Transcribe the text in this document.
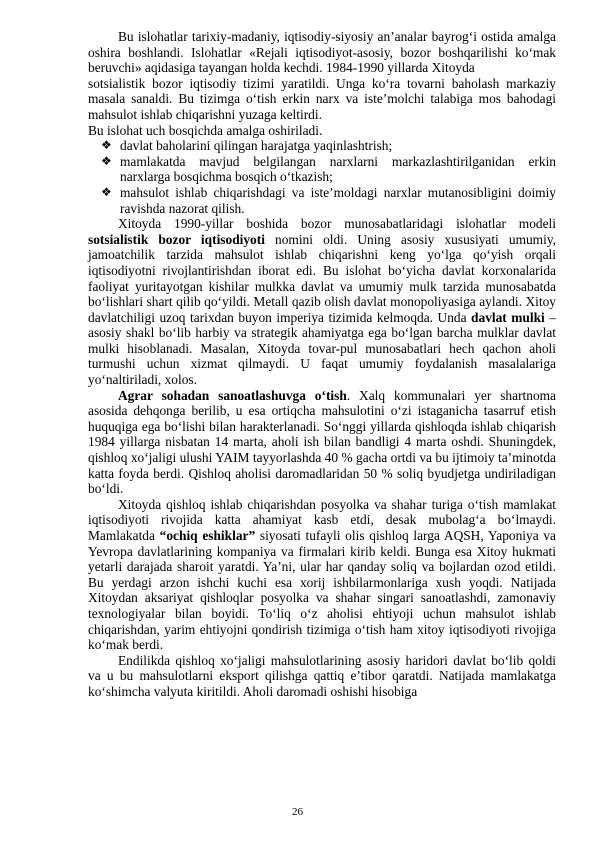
Bu islohatlar tarixiy-madaniy, iqtisodiy-siyosiy an’analar bayrog‘i ostida amalga oshira boshlandi. Islohatlar «Rejali iqtisodiyot-asosiy, bozor boshqarilishi ko‘mak beruvchi» aqidasiga tayangan holda kechdi. 1984-1990 yillarda Xitoyda

sotsialistik bozor iqtisodiy tizimi yaratildi. Unga ko‘ra tovarni baholash markaziy masala sanaldi. Bu tizimga o‘tish erkin narx va iste’molchi talabiga mos bahodagi mahsulot ishlab chiqarishni yuzaga keltirdi.

Bu islohat uch bosqichda amalga oshiriladi.

❖ davlat baholarini qilingan harajatga yaqinlashtrish;

❖ mamlakatda mavjud belgilangan narxlarni markazlashtirilganidan erkin narxlarga bosqichma bosqich o‘tkazish;

❖ mahsulot ishlab chiqarishdagi va iste’moldagi narxlar mutanosibligini doimiy ravishda nazorat qilish.

Xitoyda 1990-yillar boshida bozor munosabatlaridagi islohatlar modeli sotsialistik bozor iqtisodiyoti nomini oldi. Uning asosiy xususiyati umumiy, jamoatchilik tarzida mahsulot ishlab chiqarishni keng yo‘lga qo‘yish orqali iqtisodiyotni rivojlantirishdan iborat edi. Bu islohat bo‘yicha davlat korxonalarida faoliyat yuritayotgan kishilar mulkka davlat va umumiy mulk tarzida munosabatda bo‘lishlari shart qilib qo‘yildi. Metall qazib olish davlat monopoliyasiga aylandi. Xitoy davlatchiligi uzoq tarixdan buyon imperiya tizimida kelmoqda. Unda davlat mulki – asosiy shakl bo‘lib harbiy va strategik ahamiyatga ega bo‘lgan barcha mulklar davlat mulki hisoblanadi. Masalan, Xitoyda tovar-pul munosabatlari hech qachon aholi turmushi uchun xizmat qilmaydi. U faqat umumiy foydalanish masalalariga yo‘naltiriladi, xolos.

Agrar sohadan sanoatlashuvga o‘tish. Xalq kommunalari yer shartnoma asosida dehqonga berilib, u esa ortiqcha mahsulotini o‘zi istaganicha tasarruf etish huquqiga ega bo‘lishi bilan harakterlanadi. So‘nggi yillarda qishloqda ishlab chiqarish 1984 yillarga nisbatan 14 marta, aholi ish bilan bandligi 4 marta oshdi. Shuningdek, qishloq xo‘jaligi ulushi YAIM tayyorlashda 40 % gacha ortdi va bu ijtimoiy ta’minotda katta foyda berdi. Qishloq aholisi daromadlaridan 50 % soliq byudjetga undiriladigan bo‘ldi.

Xitoyda qishloq ishlab chiqarishdan posyolka va shahar turiga o‘tish mamlakat iqtisodiyoti rivojida katta ahamiyat kasb etdi, desak mubolag‘a bo‘lmaydi. Mamlakatda “ochiq eshiklar” siyosati tufayli olis qishloq larga AQSH, Yaponiya va Yevropa davlatlarining kompaniya va firmalari kirib keldi. Bunga esa Xitoy hukmati yetarli darajada sharoit yaratdi. Ya’ni, ular har qanday soliq va bojlardan ozod etildi. Bu yerdagi arzon ishchi kuchi esa xorij ishbilarmonlariga xush yoqdi. Natijada Xitoydan aksariyat qishloqlar posyolka va shahar singari sanoatlashdi, zamonaviy texnologiyalar bilan boyidi. To‘liq o‘z aholisi ehtiyoji uchun mahsulot ishlab chiqarishdan, yarim ehtiyojni qondirish tizimiga o‘tish ham xitoy iqtisodiyoti rivojiga ko‘mak berdi.

Endilikda qishloq xo‘jaligi mahsulotlarining asosiy haridori davlat bo‘lib qoldi va u bu mahsulotlarni eksport qilishga qattiq e’tibor qaratdi. Natijada mamlakatga ko‘shimcha valyuta kiritildi. Aholi daromadi oshishi hisobiga

26
